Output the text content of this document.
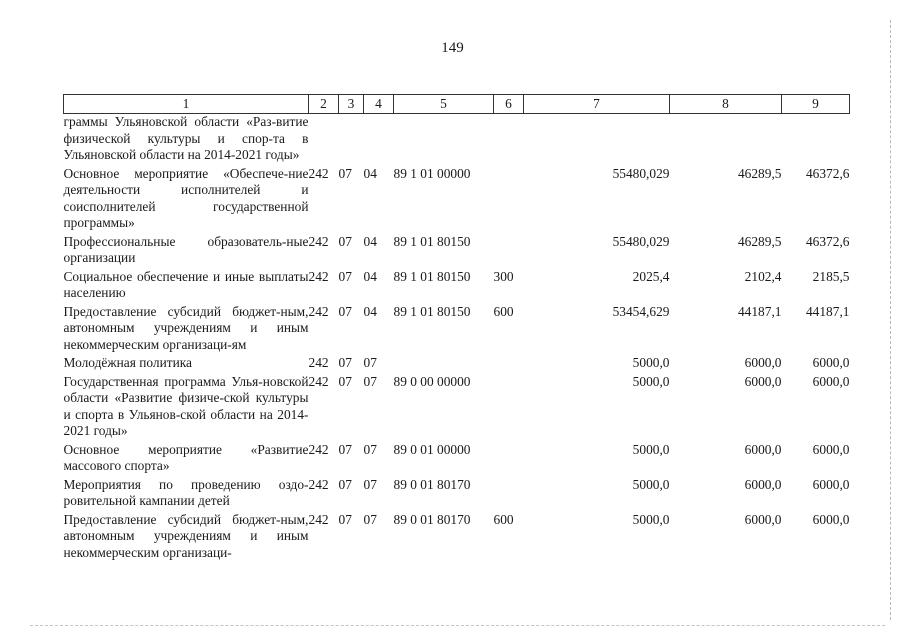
149
1	2	3	4	5	6	7	8	9
граммы Ульяновской области «Раз-витие физической культуры и спор-та в Ульяновской области на 2014-2021 годы»								
Основное мероприятие «Обеспече-ние деятельности исполнителей и соисполнителей государственной программы»	242	07	04	89 1 01 00000		55480,029	46289,5	46372,6
Профессиональные образователь-ные организации	242	07	04	89 1 01 80150		55480,029	46289,5	46372,6
Социальное обеспечение и иные выплаты населению	242	07	04	89 1 01 80150	300	2025,4	2102,4	2185,5
Предоставление субсидий бюджет-ным, автономным учреждениям и иным некоммерческим организаци-ям	242	07	04	89 1 01 80150	600	53454,629	44187,1	44187,1
Молодёжная политика	242	07	07			5000,0	6000,0	6000,0
Государственная программа Улья-новской области «Развитие физиче-ской культуры и спорта в Ульянов-ской области на 2014-2021 годы»	242	07	07	89 0 00 00000		5000,0	6000,0	6000,0
Основное мероприятие «Развитие массового спорта»	242	07	07	89 0 01 00000		5000,0	6000,0	6000,0
Мероприятия по проведению оздо-ровительной кампании детей	242	07	07	89 0 01 80170		5000,0	6000,0	6000,0
Предоставление субсидий бюджет-ным, автономным учреждениям и иным некоммерческим организаци-	242	07	07	89 0 01 80170	600	5000,0	6000,0	6000,0
